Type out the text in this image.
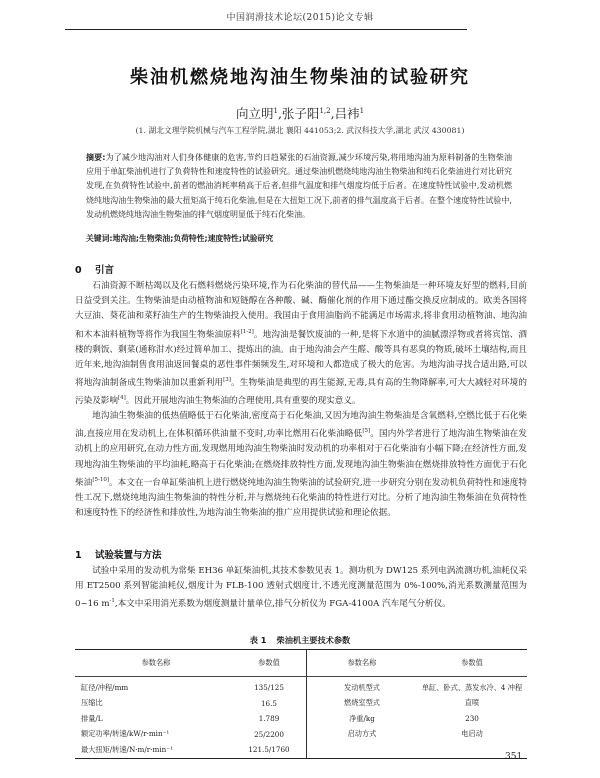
中国润滑技术论坛(2015)论文专辑
柴油机燃烧地沟油生物柴油的试验研究
向立明$^1$,张子阳$^{1,2}$,吕袆$^1$
(1. 湖北文理学院机械与汽车工程学院,湖北 襄阳 441053;2. 武汉科技大学,湖北 武汉 430081)
摘要:为了减少地沟油对人们身体健康的危害,节约日趋紧张的石油资源,减少环境污染,将用地沟油为原料制备的生物柴油应用于单缸柴油机进行了负荷特性和速度特性的试验研究。通过柴油机燃烧纯地沟油生物柴油和纯石化柴油进行对比研究发现,在负荷特性试验中,前者的燃油消耗率稍高于后者,但排气温度和排气烟度均低于后者。在速度特性试验中,发动机燃烧纯地沟油生物柴油的最大扭矩高于纯石化柴油,但是在大扭矩工况下,前者的排气温度高于后者。在整个速度特性试验中,发动机燃烧纯地沟油生物柴油的排气烟度明显低于纯石化柴油。
关键词:地沟油;生物柴油;负荷特性;速度特性;试验研究
0 引言

石油资源不断枯竭以及化石燃料燃烧污染环境,作为石化柴油的替代品——生物柴油是一种环境友好型的燃料,目前日益受到关注。生物柴油是由动植物油和短链醇在各种酸、碱、酶催化剂的作用下通过酯交换反应制成的。欧美各国将大豆油、葵花油和菜籽油生产的生物柴油投入使用。我国由于食用油脂尚不能满足市场需求,将非食用动植物油、地沟油和木本油料植物等将作为我国生物柴油原料[1-2]。地沟油是餐饮废油的一种,是将下水道中的油腻漂浮物或者将宾馆、酒楼的剩饭、剩菜(通称泔水)经过简单加工、提炼出的油。由于地沟油会产生醛、酸等具有恶臭的物质,破坏土壤结构,而且近年来,地沟油制售食用油返回餐桌的恶性事件频频发生,对环境和人都造成了极大的危害。为地沟油寻找合适出路,可以将地沟油制备成生物柴油加以重新利用[3]。生物柴油是典型的再生能源,无毒,具有高的生物降解率,可大大减轻对环境的污染及影响[4]。因此开展地沟油生物柴油的合理使用,具有重要的现实意义。

地沟油生物柴油的低热值略低于石化柴油,密度高于石化柴油,又因为地沟油生物柴油是含氧燃料,空燃比低于石化柴油,直接应用在发动机上,在体积循环供油量不变时,功率比燃用石化柴油略低[5]。国内外学者进行了地沟油生物柴油在发动机上的应用研究,在动力性方面,发现燃用地沟油生物柴油时发动机的功率相对于石化柴油有小幅下降;在经济性方面,发现地沟油生物柴油的平均油耗,略高于石化柴油;在燃烧排放特性方面,发现地沟油生物柴油在燃烧排放特性方面优于石化柴油[5-10]。本文在一台单缸柴油机上进行燃烧纯地沟油生物柴油的试验研究,进一步研究分别在发动机负荷特性和速度特性工况下,燃烧纯地沟油生物柴油的特性分析,并与燃烧纯石化柴油的特性进行对比。分析了地沟油生物柴油在负荷特性和速度特性下的经济性和排放性,为地沟油生物柴油的推广应用提供试验和理论依据。

1 试验装置与方法

试验中采用的发动机为常柴 EH36 单缸柴油机,其技术参数见表 1。测功机为 DW125 系列电涡流测功机,油耗仪采用 ET2500 系列智能油耗仪,烟度计为 FLB-100 透射式烟度计,不透光度测量范围为 0%-100%,消光系数测量范围为 0~16 $m^{-1}$,本文中采用消光系数为烟度测量计量单位,排气分析仪为 FGA-4100A 汽车尾气分析仪。

表 1 柴油机主要技术参数
参数名称	参数值	参数名称	参数值
缸径/冲程/mm	135/125	发动机型式	单缸、卧式、蒸发水冷、4 冲程
压缩比	16.5	燃烧室型式	直喷
排量/L	1.789	净重/kg	230
额定功率/转速/kW/r·min⁻¹	25/2200	启动方式	电启动
最大扭矩/转速/N·m/r·min⁻¹	121.5/1760		
351
